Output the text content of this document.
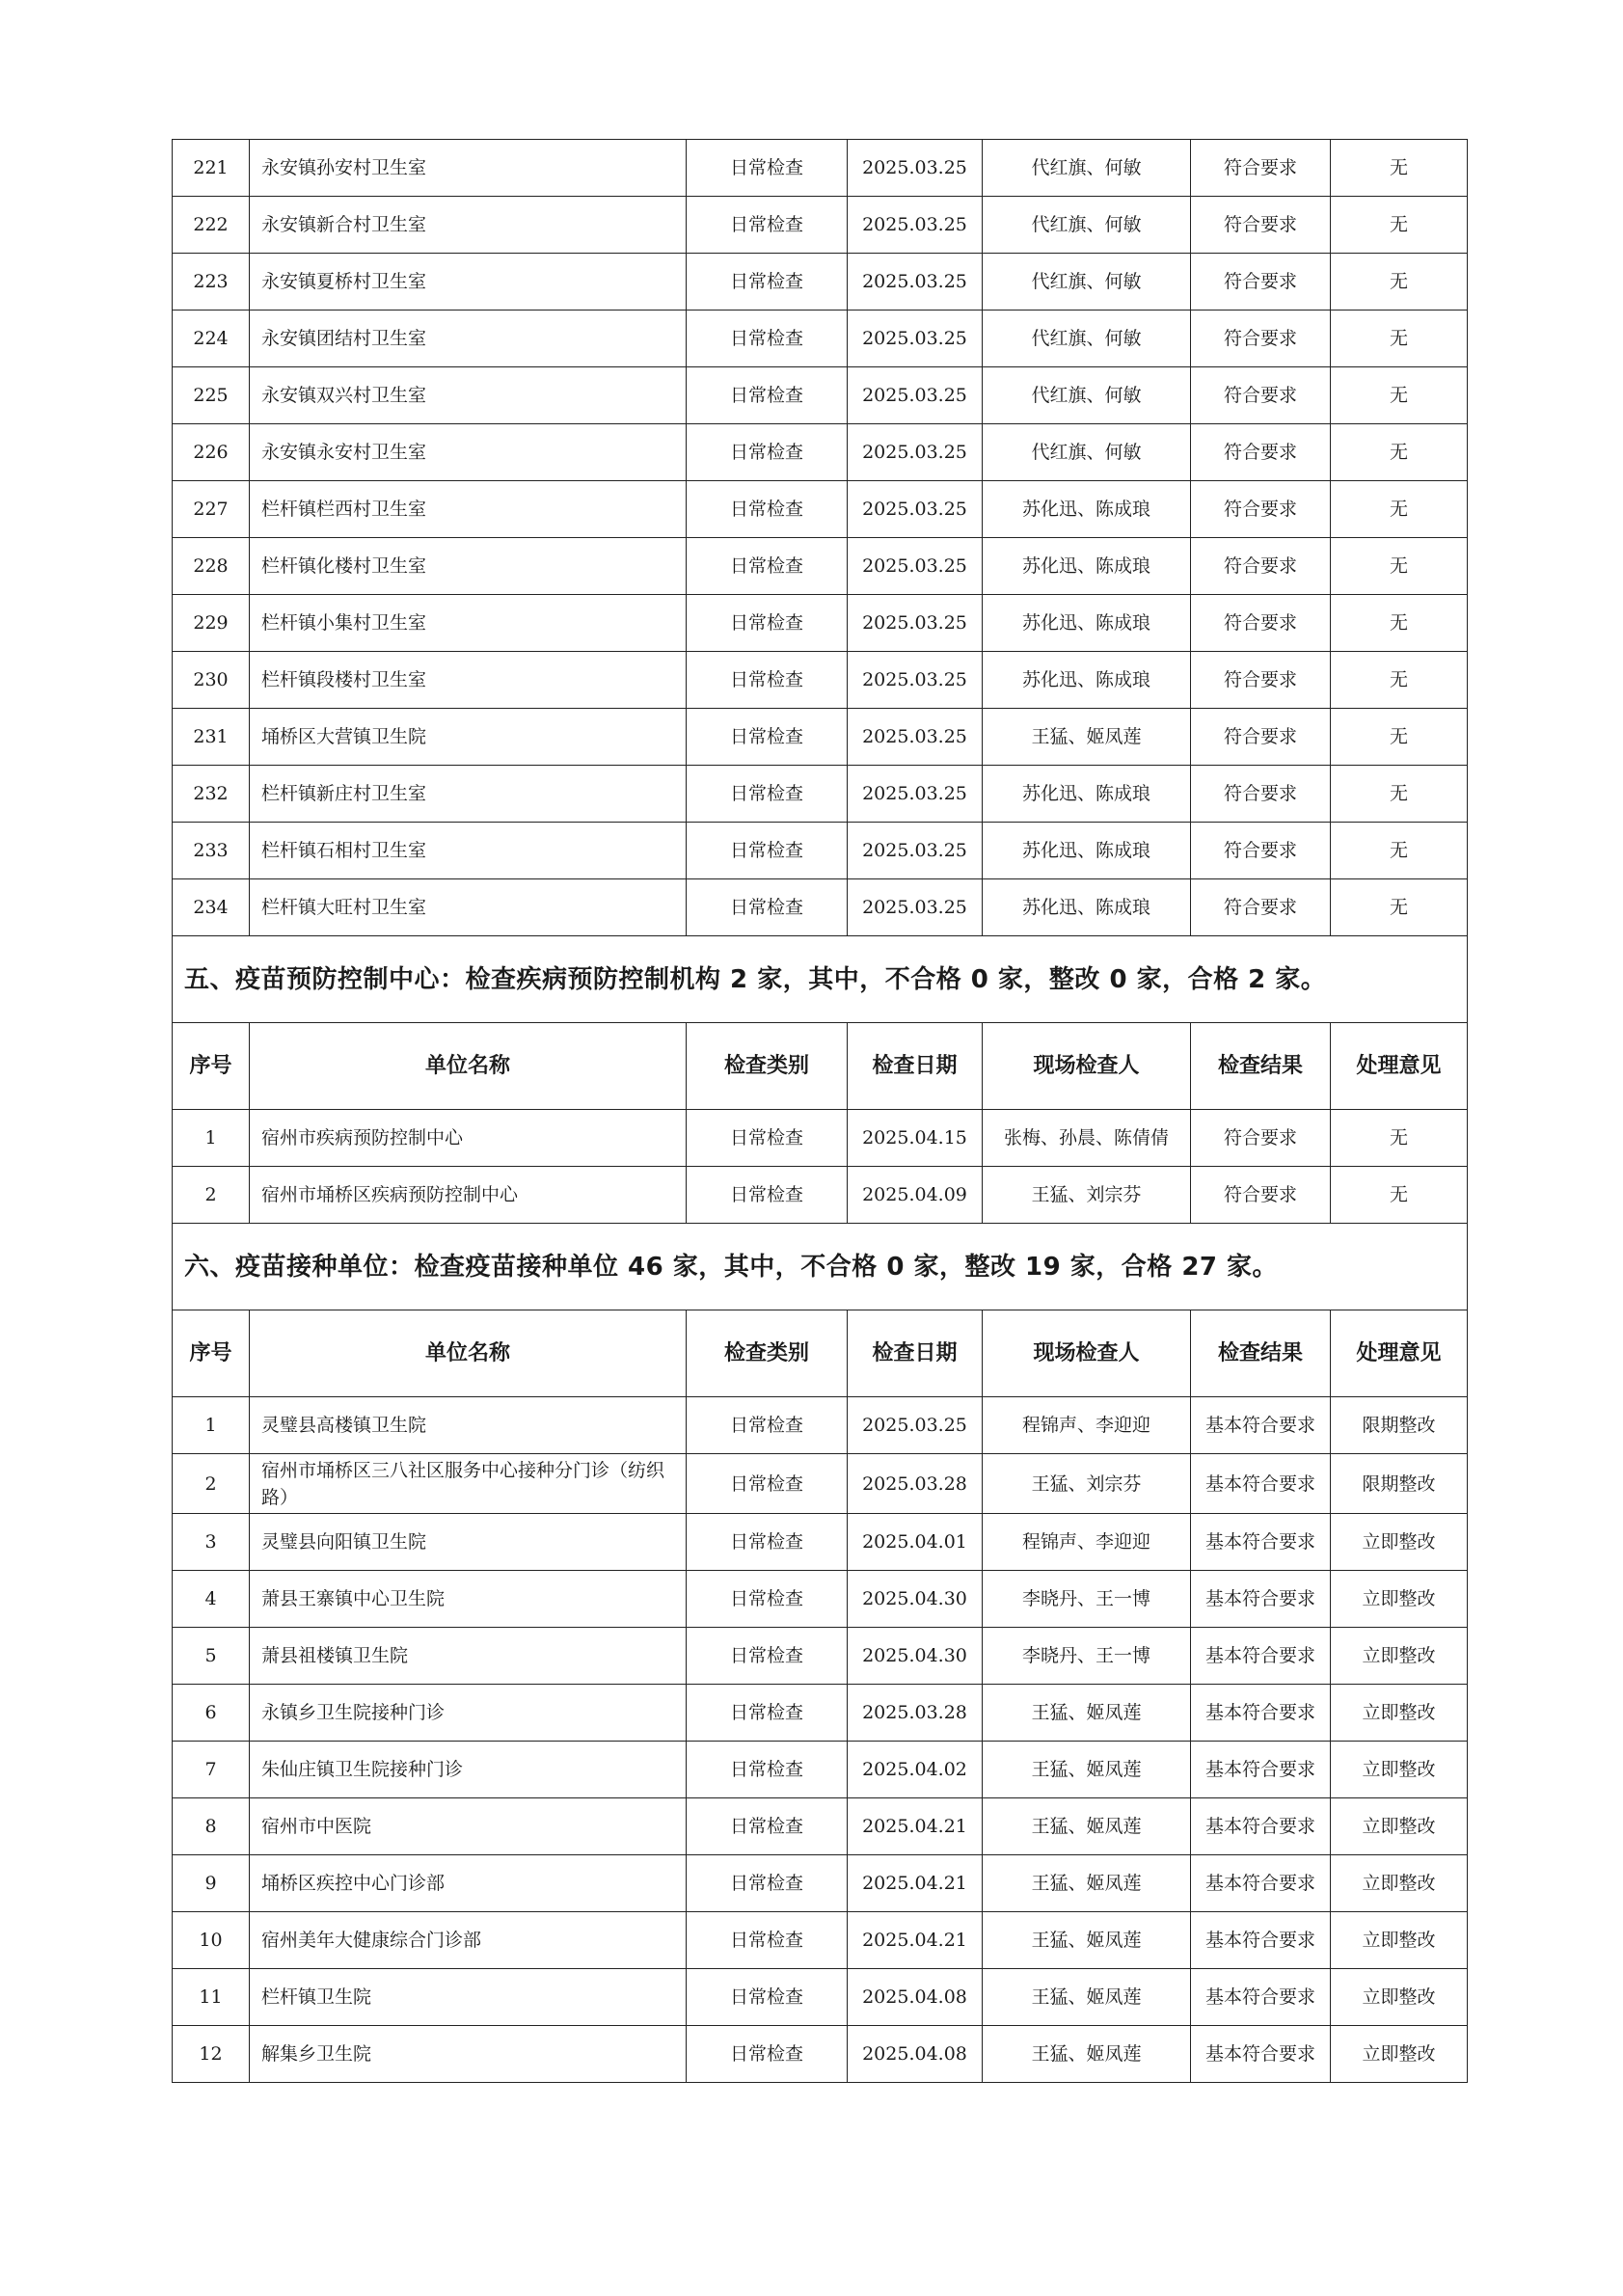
221	永安镇孙安村卫生室	日常检查	2025.03.25	代红旗、何敏	符合要求	无
222	永安镇新合村卫生室	日常检查	2025.03.25	代红旗、何敏	符合要求	无
223	永安镇夏桥村卫生室	日常检查	2025.03.25	代红旗、何敏	符合要求	无
224	永安镇团结村卫生室	日常检查	2025.03.25	代红旗、何敏	符合要求	无
225	永安镇双兴村卫生室	日常检查	2025.03.25	代红旗、何敏	符合要求	无
226	永安镇永安村卫生室	日常检查	2025.03.25	代红旗、何敏	符合要求	无
227	栏杆镇栏西村卫生室	日常检查	2025.03.25	苏化迅、陈成琅	符合要求	无
228	栏杆镇化楼村卫生室	日常检查	2025.03.25	苏化迅、陈成琅	符合要求	无
229	栏杆镇小集村卫生室	日常检查	2025.03.25	苏化迅、陈成琅	符合要求	无
230	栏杆镇段楼村卫生室	日常检查	2025.03.25	苏化迅、陈成琅	符合要求	无
231	埇桥区大营镇卫生院	日常检查	2025.03.25	王猛、姬凤莲	符合要求	无
232	栏杆镇新庄村卫生室	日常检查	2025.03.25	苏化迅、陈成琅	符合要求	无
233	栏杆镇石相村卫生室	日常检查	2025.03.25	苏化迅、陈成琅	符合要求	无
234	栏杆镇大旺村卫生室	日常检查	2025.03.25	苏化迅、陈成琅	符合要求	无
五、疫苗预防控制中心：检查疾病预防控制机构 2 家，其中，不合格 0 家，整改 0 家，合格 2 家。						
序号	单位名称	检查类别	检查日期	现场检查人	检查结果	处理意见
1	宿州市疾病预防控制中心	日常检查	2025.04.15	张梅、孙晨、陈倩倩	符合要求	无
2	宿州市埇桥区疾病预防控制中心	日常检查	2025.04.09	王猛、刘宗芬	符合要求	无
六、疫苗接种单位：检查疫苗接种单位 46 家，其中，不合格 0 家，整改 19 家，合格 27 家。						
序号	单位名称	检查类别	检查日期	现场检查人	检查结果	处理意见
1	灵璧县高楼镇卫生院	日常检查	2025.03.25	程锦声、李迎迎	基本符合要求	限期整改
2	宿州市埇桥区三八社区服务中心接种分门诊（纺织路）	日常检查	2025.03.28	王猛、刘宗芬	基本符合要求	限期整改
3	灵璧县向阳镇卫生院	日常检查	2025.04.01	程锦声、李迎迎	基本符合要求	立即整改
4	萧县王寨镇中心卫生院	日常检查	2025.04.30	李晓丹、王一博	基本符合要求	立即整改
5	萧县祖楼镇卫生院	日常检查	2025.04.30	李晓丹、王一博	基本符合要求	立即整改
6	永镇乡卫生院接种门诊	日常检查	2025.03.28	王猛、姬凤莲	基本符合要求	立即整改
7	朱仙庄镇卫生院接种门诊	日常检查	2025.04.02	王猛、姬凤莲	基本符合要求	立即整改
8	宿州市中医院	日常检查	2025.04.21	王猛、姬凤莲	基本符合要求	立即整改
9	埇桥区疾控中心门诊部	日常检查	2025.04.21	王猛、姬凤莲	基本符合要求	立即整改
10	宿州美年大健康综合门诊部	日常检查	2025.04.21	王猛、姬凤莲	基本符合要求	立即整改
11	栏杆镇卫生院	日常检查	2025.04.08	王猛、姬凤莲	基本符合要求	立即整改
12	解集乡卫生院	日常检查	2025.04.08	王猛、姬凤莲	基本符合要求	立即整改
